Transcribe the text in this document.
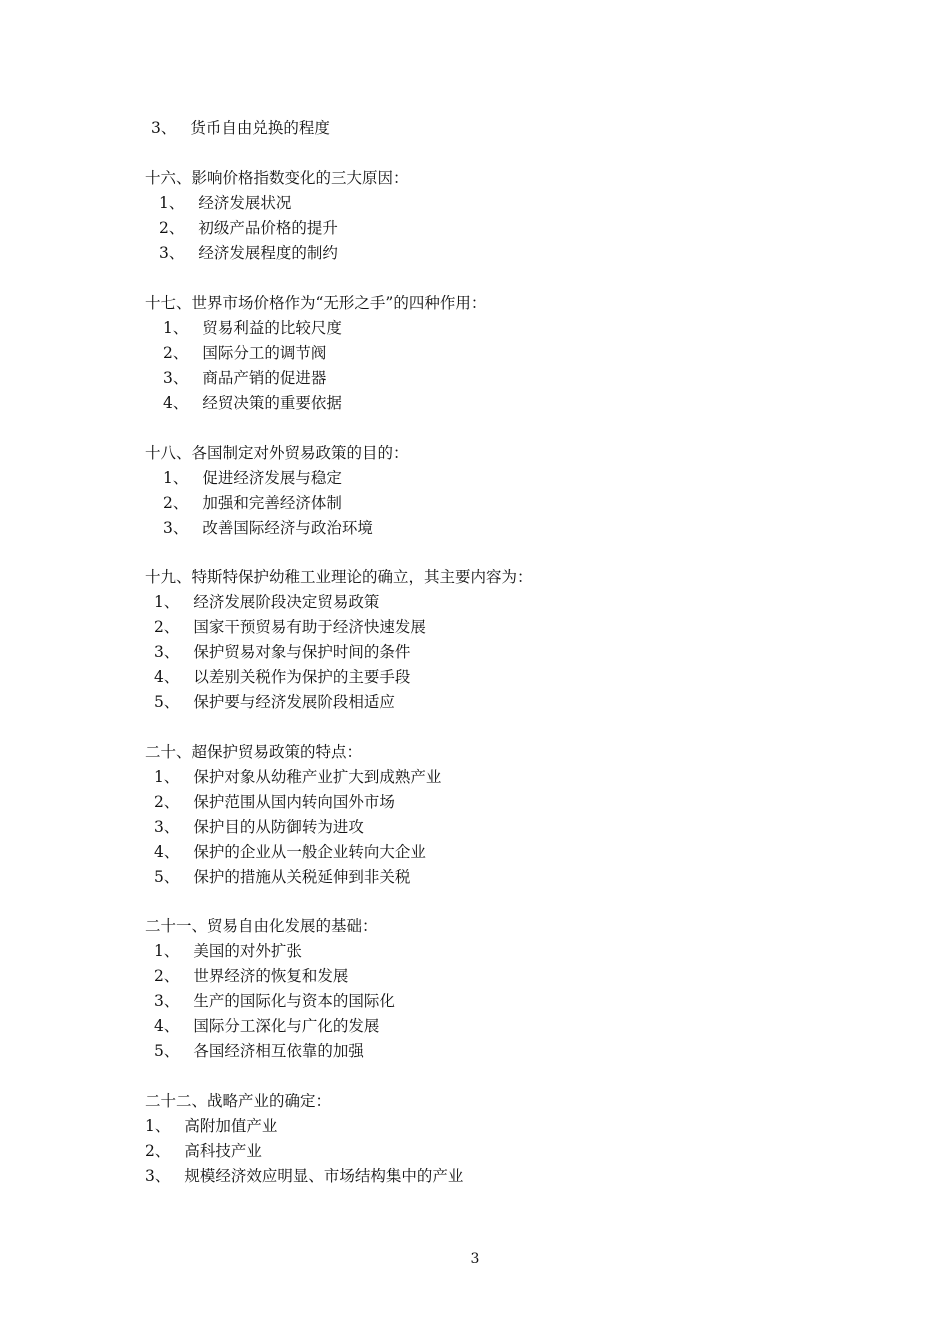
3、 货币自由兑换的程度
十六、影响价格指数变化的三大原因：
1、 经济发展状况
2、 初级产品价格的提升
3、 经济发展程度的制约
十七、世界市场价格作为“无形之手”的四种作用：
1、 贸易利益的比较尺度
2、 国际分工的调节阀
3、 商品产销的促进器
4、 经贸决策的重要依据
十八、各国制定对外贸易政策的目的：
1、 促进经济发展与稳定
2、 加强和完善经济体制
3、 改善国际经济与政治环境
十九、特斯特保护幼稚工业理论的确立，其主要内容为：
1、 经济发展阶段决定贸易政策
2、 国家干预贸易有助于经济快速发展
3、 保护贸易对象与保护时间的条件
4、 以差别关税作为保护的主要手段
5、 保护要与经济发展阶段相适应
二十、超保护贸易政策的特点：
1、 保护对象从幼稚产业扩大到成熟产业
2、 保护范围从国内转向国外市场
3、 保护目的从防御转为进攻
4、 保护的企业从一般企业转向大企业
5、 保护的措施从关税延伸到非关税
二十一、贸易自由化发展的基础：
1、 美国的对外扩张
2、 世界经济的恢复和发展
3、 生产的国际化与资本的国际化
4、 国际分工深化与广化的发展
5、 各国经济相互依靠的加强
二十二、战略产业的确定：
1、 高附加值产业
2、 高科技产业
3、 规模经济效应明显、市场结构集中的产业
3
